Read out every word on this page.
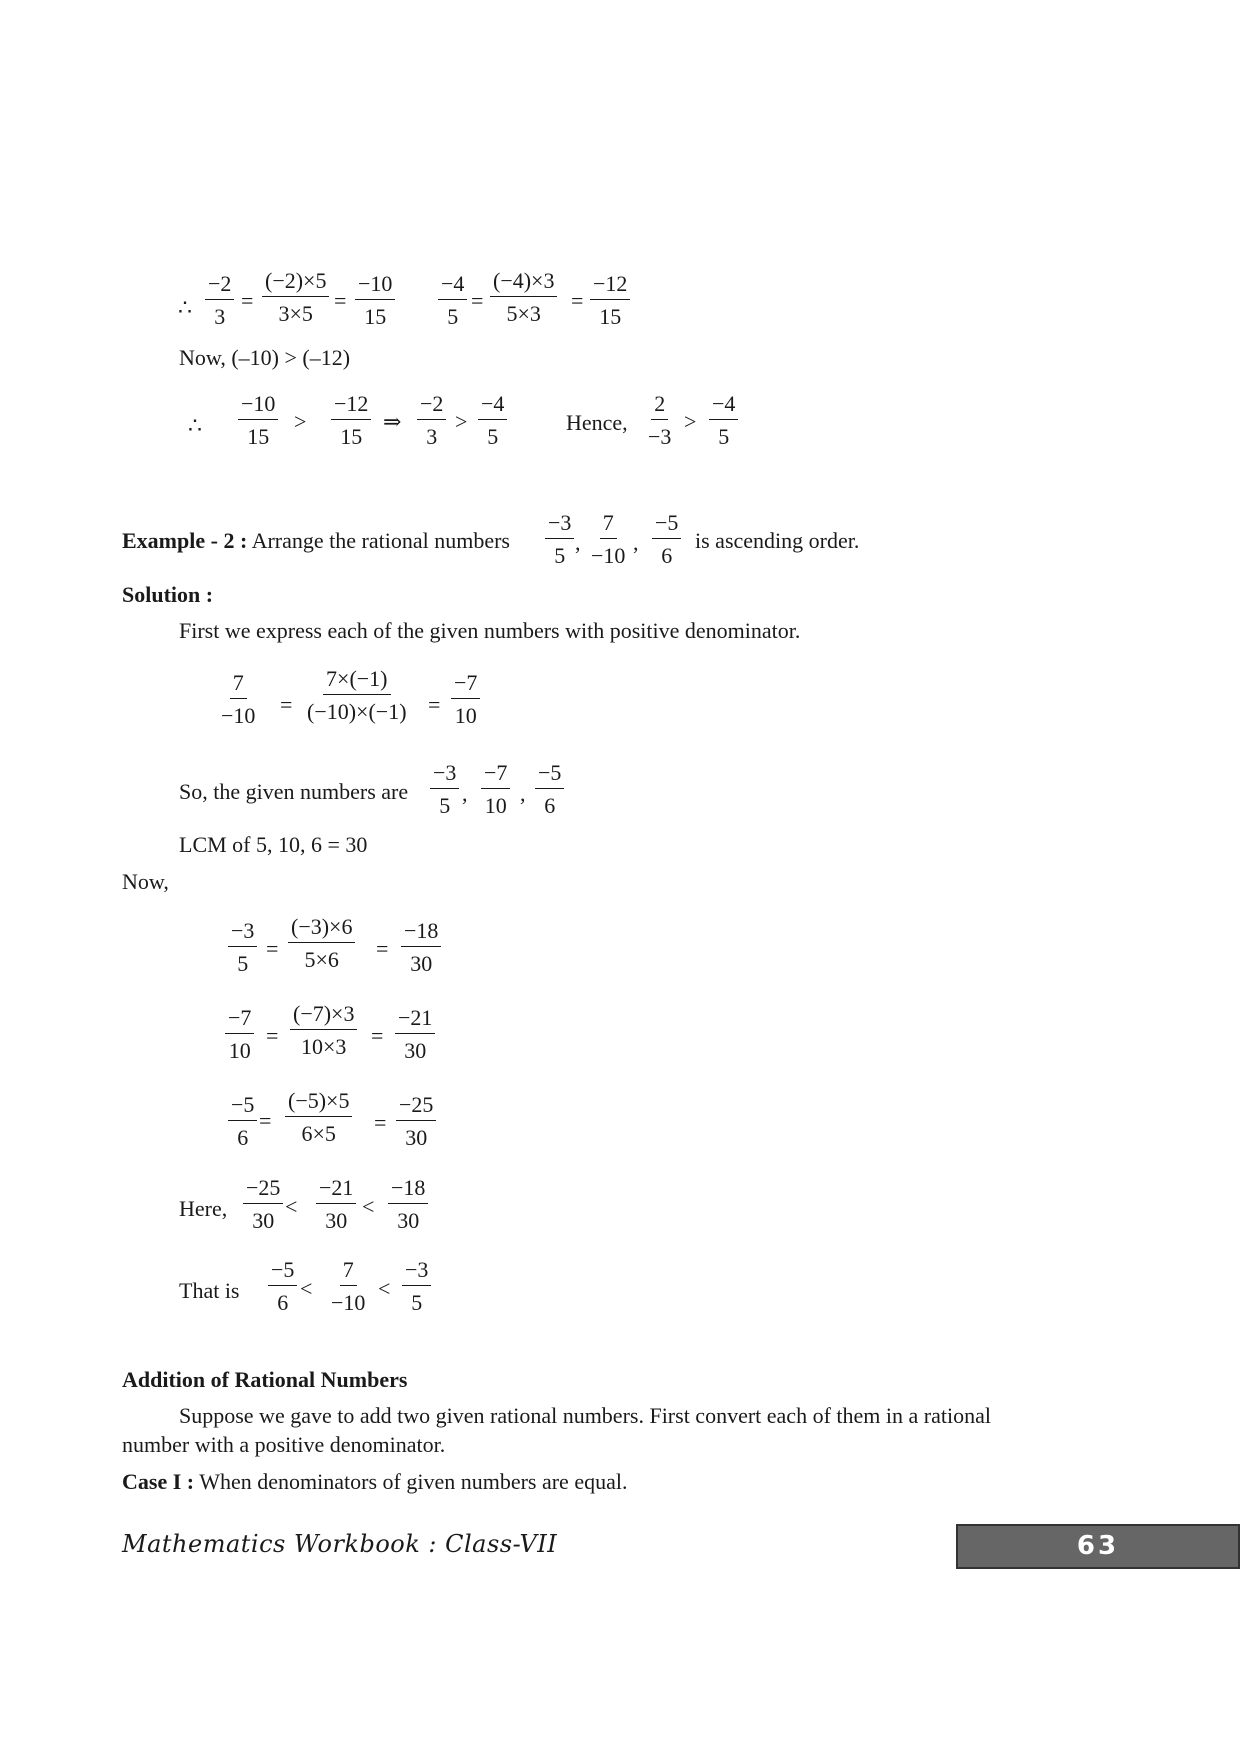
∴ $\frac{-2}{3} = \frac{(-2)\times 5}{3\times 5} = \frac{-10}{15} \frac{-4}{5} = \frac{(-4)\times 3}{5\times 3} = \frac{-12}{15}$
Now, (–10) > (–12)
∴ $\frac{-10}{15} > \frac{-12}{15}$ ⇒ $\frac{-2}{3} > \frac{-4}{5}$	Hence, $\frac{2}{-3} > \frac{-4}{5}$
Example - 2 : Arrange the rational numbers $\frac{-3}{5}$ , $\frac{7}{-10}$ , $\frac{-5}{6}$ is ascending order.
Solution :
First we express each of the given numbers with positive denominator.
$\frac{7}{-10} = \frac{7\times(-1)}{(-10)\times(-1)} = \frac{-7}{10}$
So, the given numbers are $\frac{-3}{5}$ , $\frac{-7}{10}$ , $\frac{-5}{6}$
LCM of 5, 10, 6 = 30
Now,
$\frac{-3}{5} = \frac{(-3)\times 6}{5\times 6} = \frac{-18}{30}$
$\frac{-7}{10} = \frac{(-7)\times 3}{10\times 3} = \frac{-21}{30}$
$\frac{-5}{6} = \frac{(-5)\times 5}{6\times 5} = \frac{-25}{30}$
Here, $\frac{-25}{30} < \frac{-21}{30} < \frac{-18}{30}$
That is $\frac{-5}{6} < \frac{7}{-10} < \frac{-3}{5}$
Addition of Rational Numbers
Suppose we gave to add two given rational numbers. First convert each of them in a rational
number with a positive denominator.
Case I : When denominators of given numbers are equal.
Mathematics Workbook : Class-VII	63
